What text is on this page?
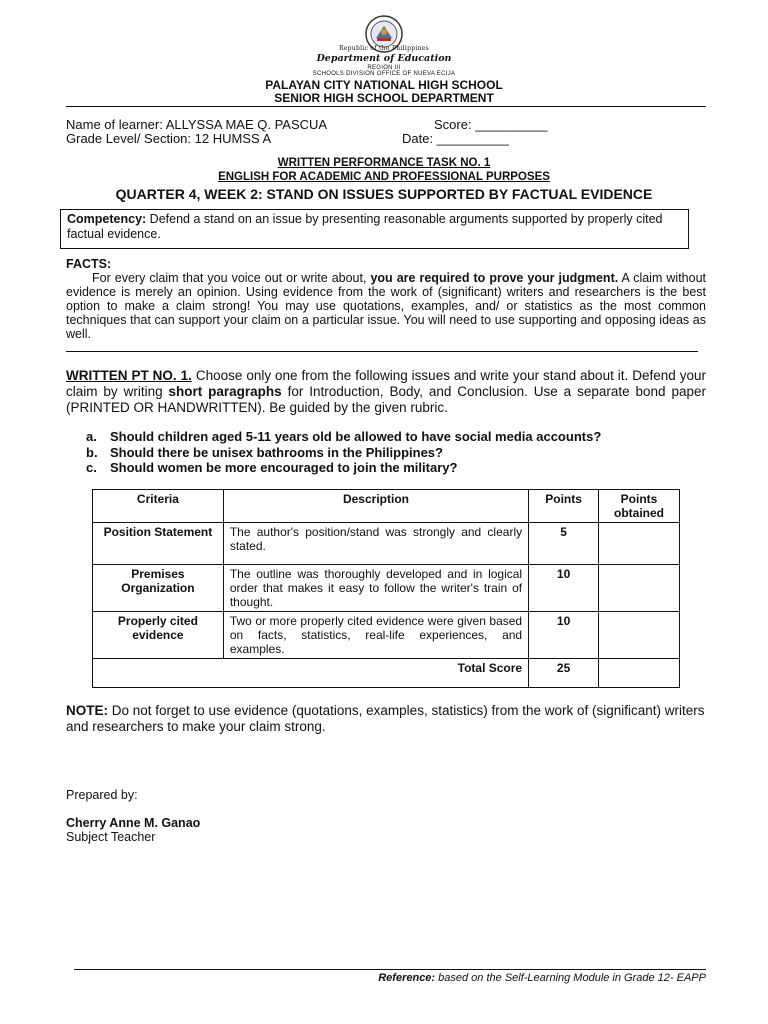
Republic of the Philippines
Department of Education
REGION III
SCHOOLS DIVISION OFFICE OF NUEVA ECIJA
PALAYAN CITY NATIONAL HIGH SCHOOL
SENIOR HIGH SCHOOL DEPARTMENT
Name of learner: ALLYSSA MAE Q. PASCUA	Score: __________
Grade Level/ Section: 12 HUMSS A	Date: __________
WRITTEN PERFORMANCE TASK NO. 1
ENGLISH FOR ACADEMIC AND PROFESSIONAL PURPOSES
QUARTER 4, WEEK 2: STAND ON ISSUES SUPPORTED BY FACTUAL EVIDENCE
Competency: Defend a stand on an issue by presenting reasonable arguments supported by properly cited factual evidence.
FACTS:
For every claim that you voice out or write about, you are required to prove your judgment. A claim without evidence is merely an opinion. Using evidence from the work of (significant) writers and researchers is the best option to make a claim strong! You may use quotations, examples, and/ or statistics as the most common techniques that can support your claim on a particular issue. You will need to use supporting and opposing ideas as well.
WRITTEN PT NO. 1. Choose only one from the following issues and write your stand about it. Defend your claim by writing short paragraphs for Introduction, Body, and Conclusion. Use a separate bond paper (PRINTED OR HANDWRITTEN). Be guided by the given rubric.
a. Should children aged 5-11 years old be allowed to have social media accounts?
b. Should there be unisex bathrooms in the Philippines?
c. Should women be more encouraged to join the military?
Criteria	Description	Points	Points obtained
Position Statement	The author's position/stand was strongly and clearly stated.	5	
Premises Organization	The outline was thoroughly developed and in logical order that makes it easy to follow the writer's train of thought.	10	
Properly cited evidence	Two or more properly cited evidence were given based on facts, statistics, real-life experiences, and examples.	10	
Total Score		25	
NOTE: Do not forget to use evidence (quotations, examples, statistics) from the work of (significant) writers and researchers to make your claim strong.
Prepared by:
Cherry Anne M. Ganao
Subject Teacher
Reference: based on the Self-Learning Module in Grade 12- EAPP
